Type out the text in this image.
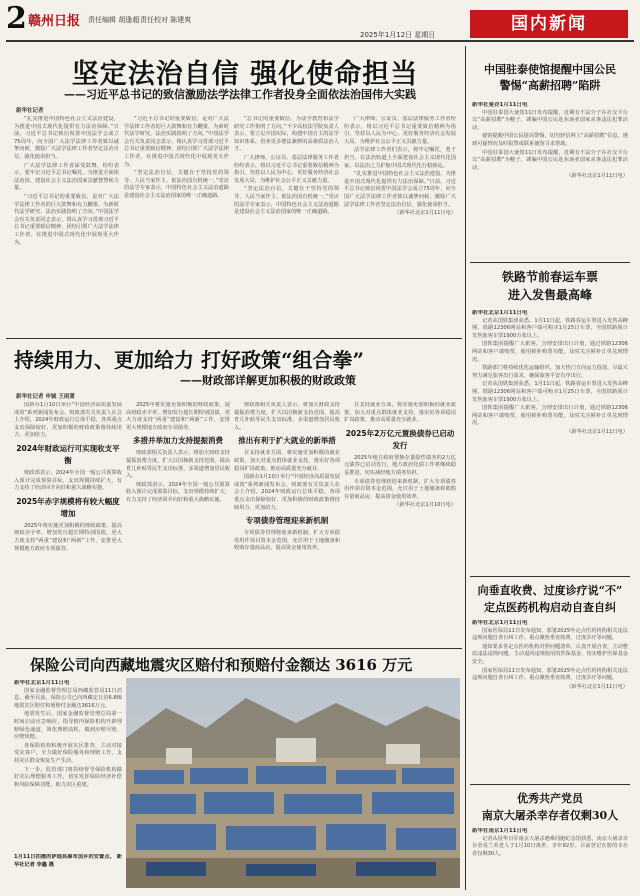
2 赣州日报 责任编辑 胡逢超 责任校对 陈建爽
2025年1月12日 星期日
国内新闻
坚定法治自信 强化使命担当
——习近平总书记的致信激励法学法律工作者投身全面依法治国伟大实践
新华社记者

“扎实推进中国特色社会主义法治建设，为推进中国式现代化提供有力法治保障。”日前，习近平总书记致信祝贺中国法学会成立75周年，向全国广大法学法律工作者致以诚挚问候，激励广大法学法律工作者坚定法治自信，强化使命担当。

广大法学法律工作者深受鼓舞，纷纷表示，要牢记习近平总书记嘱托，为推进全面依法治国、建设社会主义法治国家贡献智慧和力量。

“习近平总书记的重要致信，是对广大法学法律工作者的巨大鼓舞和有力鞭策，为新时代法学研究、法治实践指明了方向。”中国法学会有关负责同志表示，将认真学习贯彻习近平总书记重要致信精神，团结引领广大法学法律工作者，在推进中国式现代化中展现更大作为。

“习近平总书记的重要致信，是对广大法学法律工作者的巨大鼓舞和有力鞭策，为新时代法学研究、法治实践指明了方向。”中国法学会有关负责同志表示，将认真学习贯彻习近平总书记重要致信精神，团结引领广大法学法律工作者，在推进中国式现代化中展现更大作为。

“坚定法治自信，关键在于坚持党的领导、人民当家作主、依法治国有机统一。”受访的法学专家表示，中国特色社会主义法治道路是建设社会主义法治国家的唯一正确道路。

“总书记的重要致信，为法学教育和法学研究工作指明了方向。”不少高校法学院负责人表示，要立足中国实际，构建中国自主的法学知识体系，培养更多德法兼修的高素质法治人才。

广大律师、公证员、基层法律服务工作者纷纷表示，将以习近平总书记重要致信精神为指引，坚持以人民为中心，更好服务经济社会发展大局，为维护社会公平正义贡献力量。

“坚定法治自信，关键在于坚持党的领导、人民当家作主、依法治国有机统一。”受访的法学专家表示，中国特色社会主义法治道路是建设社会主义法治国家的唯一正确道路。

广大律师、公证员、基层法律服务工作者纷纷表示，将以习近平总书记重要致信精神为指引，坚持以人民为中心，更好服务经济社会发展大局，为维护社会公平正义贡献力量。

法学法律工作者们表示，将牢记嘱托，勇于担当，在法治轨道上全面建设社会主义现代化国家，以法治之力护航中国式现代化行稳致远。

“扎实推进中国特色社会主义法治建设，为推进中国式现代化提供有力法治保障。”日前，习近平总书记致信祝贺中国法学会成立75周年，向全国广大法学法律工作者致以诚挚问候，激励广大法学法律工作者坚定法治自信，强化使命担当。

（新华社北京1月11日电）
持续用力、更加给力 打好政策“组合拳”
——财政部详解更加积极的财政政策
新华社记者 申铖 王雨萧

国新办1月10日举行“中国经济高质量发展成效”系列新闻发布会。财政部有关负责人在会上介绍，2024年财政运行总体平稳，各项重点支出保障较好，更加积极的财政政策将持续用力、更加给力。

2024年财政运行可实现收支平衡

财政部表示，2024年全国一般公共预算收入预计完成预算目标，支出规模持续扩大，有力支持了经济回升向好和重大战略实施。

2025年赤字规模将有较大幅度增加

2025年将实施更加积极的财政政策，提高财政赤字率，增加发行超长期特别国债，更大力度支持“两重”建设和“两新”工作，安排更大规模地方政府专项债券。

2025年将实施更加积极的财政政策，提高财政赤字率，增加发行超长期特别国债，更大力度支持“两重”建设和“两新”工作，安排更大规模地方政府专项债券。

多措并举加力支持提振消费

财政部相关负责人表示，将加大财政支持提振消费力度，扩大以旧换新支持范围，提高育儿补贴等民生支出标准，多渠道增加居民收入。

财政部表示，2024年全国一般公共预算收入预计完成预算目标，支出规模持续扩大，有力支持了经济回升向好和重大战略实施。

财政部相关负责人表示，将加大财政支持提振消费力度，扩大以旧换新支持范围，提高育儿补贴等民生支出标准，多渠道增加居民收入。

推出有利于扩大就业的新举措

在支持就业方面，将实施更加积极的就业政策，加大对重点群体就业支持，落实好各项稳岗扩岗政策，推动高质量充分就业。

国新办1月10日举行“中国经济高质量发展成效”系列新闻发布会。财政部有关负责人在会上介绍，2024年财政运行总体平稳，各项重点支出保障较好，更加积极的财政政策将持续用力、更加给力。

专项债券管理迎来新机制

专项债券管理将迎来新机制，扩大专项债券用作项目资本金范围，允许用于土地储备和收购存量商品房，提高资金使用效率。

在支持就业方面，将实施更加积极的就业政策，加大对重点群体就业支持，落实好各项稳岗扩岗政策，推动高质量充分就业。

2025年2万亿元置换债券已启动发行

2025年地方政府置换存量隐性债务的2万亿元债券已启动发行，地方政府化债工作将继续稳妥推进，切实减轻地方债务负担。

专项债券管理将迎来新机制，扩大专项债券用作项目资本金范围，允许用于土地储备和收购存量商品房，提高资金使用效率。

（新华社北京1月10日电）
保险公司向西藏地震灾区赔付和预赔付金额达 3616 万元
新华社北京1月11日电

国家金融监督管理总局西藏监管局11日消息，截至目前，保险公司已向西藏定日县6.8级地震灾区赔付和预赔付金额达3616万元。

地震发生后，国家金融监督管理总局第一时间启动应急响应，指导辖内保险机构开辟理赔绿色通道，简化理赔流程，做到应赔尽赔、应赔快赔。

各保险机构积极开展灾区排查，主动对接受灾客户，全力做好保险服务和理赔工作，支持灾区群众恢复生产生活。

下一步，监管部门将持续督导保险机构做好灾后理赔服务工作，切实发挥保险经济补偿和风险保障功能，助力灾区重建。

1月11日拍摄的萨迦县麻布加乡的安置点。 新华社记者 李鑫 摄
中国驻泰使馆提醒中国公民
警惕“高薪招聘”陷阱
新华社曼谷1月11日电

中国驻泰国大使馆11日发布提醒，近期有不法分子在社交平台以“高薪招聘”为幌子，诱骗中国公民赴东南亚国家从事违法犯罪活动。

使馆提醒中国公民提高警惕，切勿轻信网上“高薪招聘”信息，遇到可疑情况及时报警或联系使馆寻求帮助。

中国驻泰国大使馆11日发布提醒，近期有不法分子在社交平台以“高薪招聘”为幌子，诱骗中国公民赴东南亚国家从事违法犯罪活动。

（新华社北京1月11日电）
铁路节前春运车票
进入发售最高峰
新华社北京1月11日电

记者从国铁集团获悉，1月11日起，铁路春运车票进入发售高峰期，铁路12306网站和客户端可购买1月25日车票，全国铁路预计发售旅客车票1900万张以上。

国铁集团提醒广大旅客，合理安排出行计划，通过铁路12306网站和客户端购票，使用候补购票功能，及时关注候补订单兑现情况。

铁路部门将持续优化运输组织，加大热门方向运力投放，尽最大努力满足旅客出行需求，确保旅客平安有序出行。

记者从国铁集团获悉，1月11日起，铁路春运车票进入发售高峰期，铁路12306网站和客户端可购买1月25日车票，全国铁路预计发售旅客车票1900万张以上。

国铁集团提醒广大旅客，合理安排出行计划，通过铁路12306网站和客户端购票，使用候补购票功能，及时关注候补订单兑现情况。

（新华社北京1月11日电）
向垂直收费、过度诊疗说“不”
定点医药机构启动自查自纠
新华社北京1月11日电

国家医保局11日发布通知，部署2025年定点医药机构相关违法违规问题自查自纠工作，重点聚焦垂直收费、过度诊疗等问题。

通知要求各定点医药机构对照问题清单，认真开展自查，主动整改违法违规问题，主动退回违规使用的医保基金，切实维护医保基金安全。

国家医保局11日发布通知，部署2025年定点医药机构相关违法违规问题自查自纠工作，重点聚焦垂直收费、过度诊疗等问题。

（新华社北京1月11日电）
优秀共产党员
南京大屠杀幸存者仅剩30人
新华社南京1月11日电

记者从侵华日军南京大屠杀遇难同胞纪念馆获悉，南京大屠杀幸存者易兰英老人于1月10日离世，享年92岁。目前登记在册的幸存者仅剩30人。
